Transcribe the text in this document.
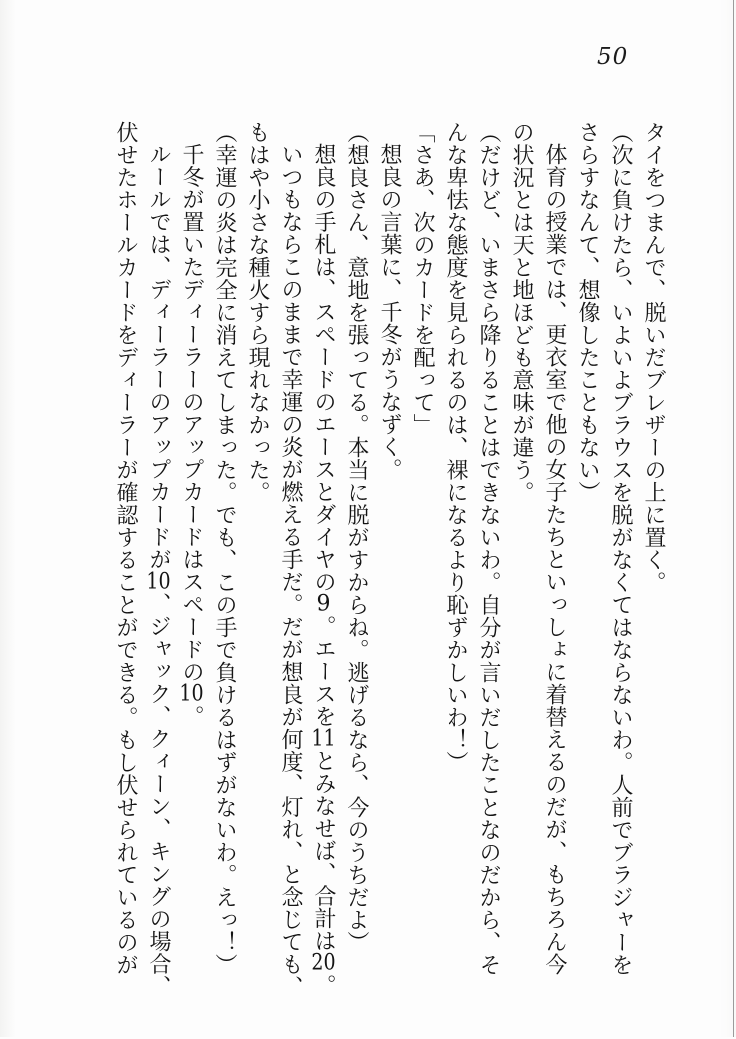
50
タイをつまんで、脱いだブレザーの上に置く。
（次に負けたら、いよいよブラウスを脱がなくてはならないわ。人前でブラジャーを
さらすなんて、想像したこともない）
体育の授業では、更衣室で他の女子たちといっしょに着替えるのだが、もちろん今
の状況とは天と地ほども意味が違う。
（だけど、いまさら降りることはできないわ。自分が言いだしたことなのだから、そ
んな卑怯な態度を見られるのは、裸になるより恥ずかしいわ！）
「さあ、次のカードを配って」
想良の言葉に、千冬がうなずく。
（想良さん、意地を張ってる。本当に脱がすからね。逃げるなら、今のうちだよ）
想良の手札は、スペードのエースとダイヤの9。エースを11とみなせば、合計は20。
いつもならこのままで幸運の炎が燃える手だ。だが想良が何度、灯れ、と念じても、
もはや小さな種火すら現れなかった。
（幸運の炎は完全に消えてしまった。でも、この手で負けるはずがないわ。えっ！）
千冬が置いたディーラーのアップカードはスペードの10。
ルールでは、ディーラーのアップカードが10、ジャック、クィーン、キングの場合、
伏せたホールカードをディーラーが確認することができる。もし伏せられているのが
